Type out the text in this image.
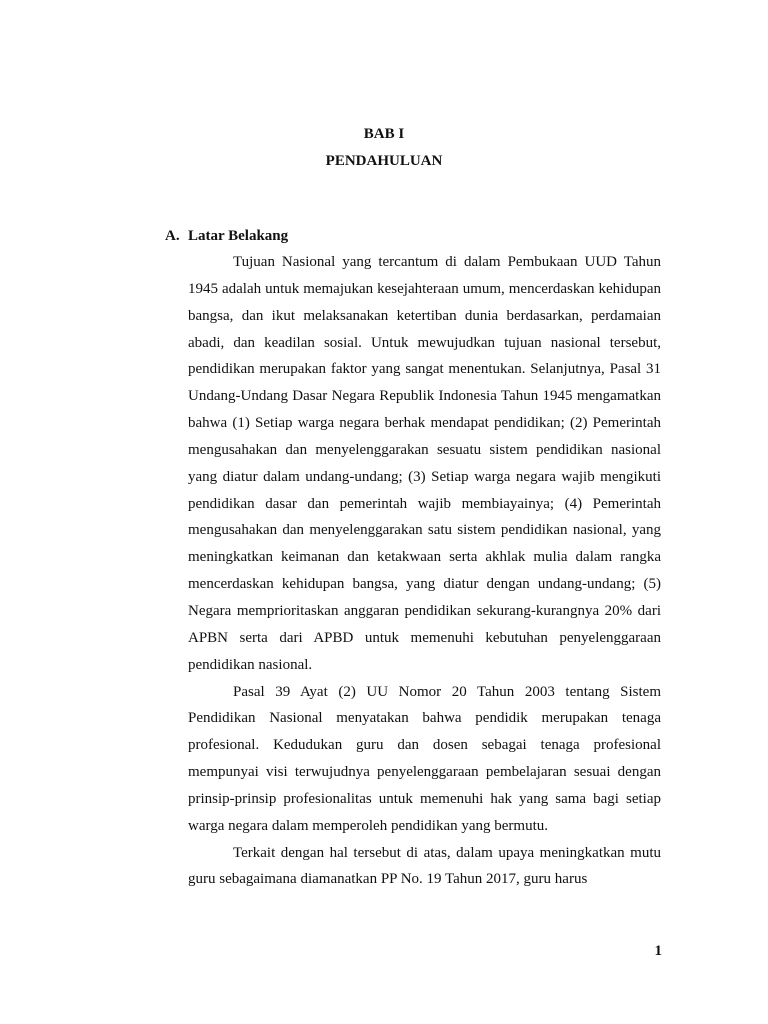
BAB I
PENDAHULUAN
A. Latar Belakang

Tujuan Nasional yang tercantum di dalam Pembukaan UUD Tahun 1945 adalah untuk memajukan kesejahteraan umum, mencerdaskan kehidupan bangsa, dan ikut melaksanakan ketertiban dunia berdasarkan, perdamaian abadi, dan keadilan sosial. Untuk mewujudkan tujuan nasional tersebut, pendidikan merupakan faktor yang sangat menentukan. Selanjutnya, Pasal 31 Undang-Undang Dasar Negara Republik Indonesia Tahun 1945 mengamatkan bahwa (1) Setiap warga negara berhak mendapat pendidikan; (2) Pemerintah mengusahakan dan menyelenggarakan sesuatu sistem pendidikan nasional yang diatur dalam undang-undang; (3) Setiap warga negara wajib mengikuti pendidikan dasar dan pemerintah wajib membiayainya; (4) Pemerintah mengusahakan dan menyelenggarakan satu sistem pendidikan nasional, yang meningkatkan keimanan dan ketakwaan serta akhlak mulia dalam rangka mencerdaskan kehidupan bangsa, yang diatur dengan undang-undang; (5) Negara memprioritaskan anggaran pendidikan sekurang-kurangnya 20% dari APBN serta dari APBD untuk memenuhi kebutuhan penyelenggaraan pendidikan nasional.

Pasal 39 Ayat (2) UU Nomor 20 Tahun 2003 tentang Sistem Pendidikan Nasional menyatakan bahwa pendidik merupakan tenaga profesional. Kedudukan guru dan dosen sebagai tenaga profesional mempunyai visi terwujudnya penyelenggaraan pembelajaran sesuai dengan prinsip-prinsip profesionalitas untuk memenuhi hak yang sama bagi setiap warga negara dalam memperoleh pendidikan yang bermutu.

Terkait dengan hal tersebut di atas, dalam upaya meningkatkan mutu guru sebagaimana diamanatkan PP No. 19 Tahun 2017, guru harus

1
